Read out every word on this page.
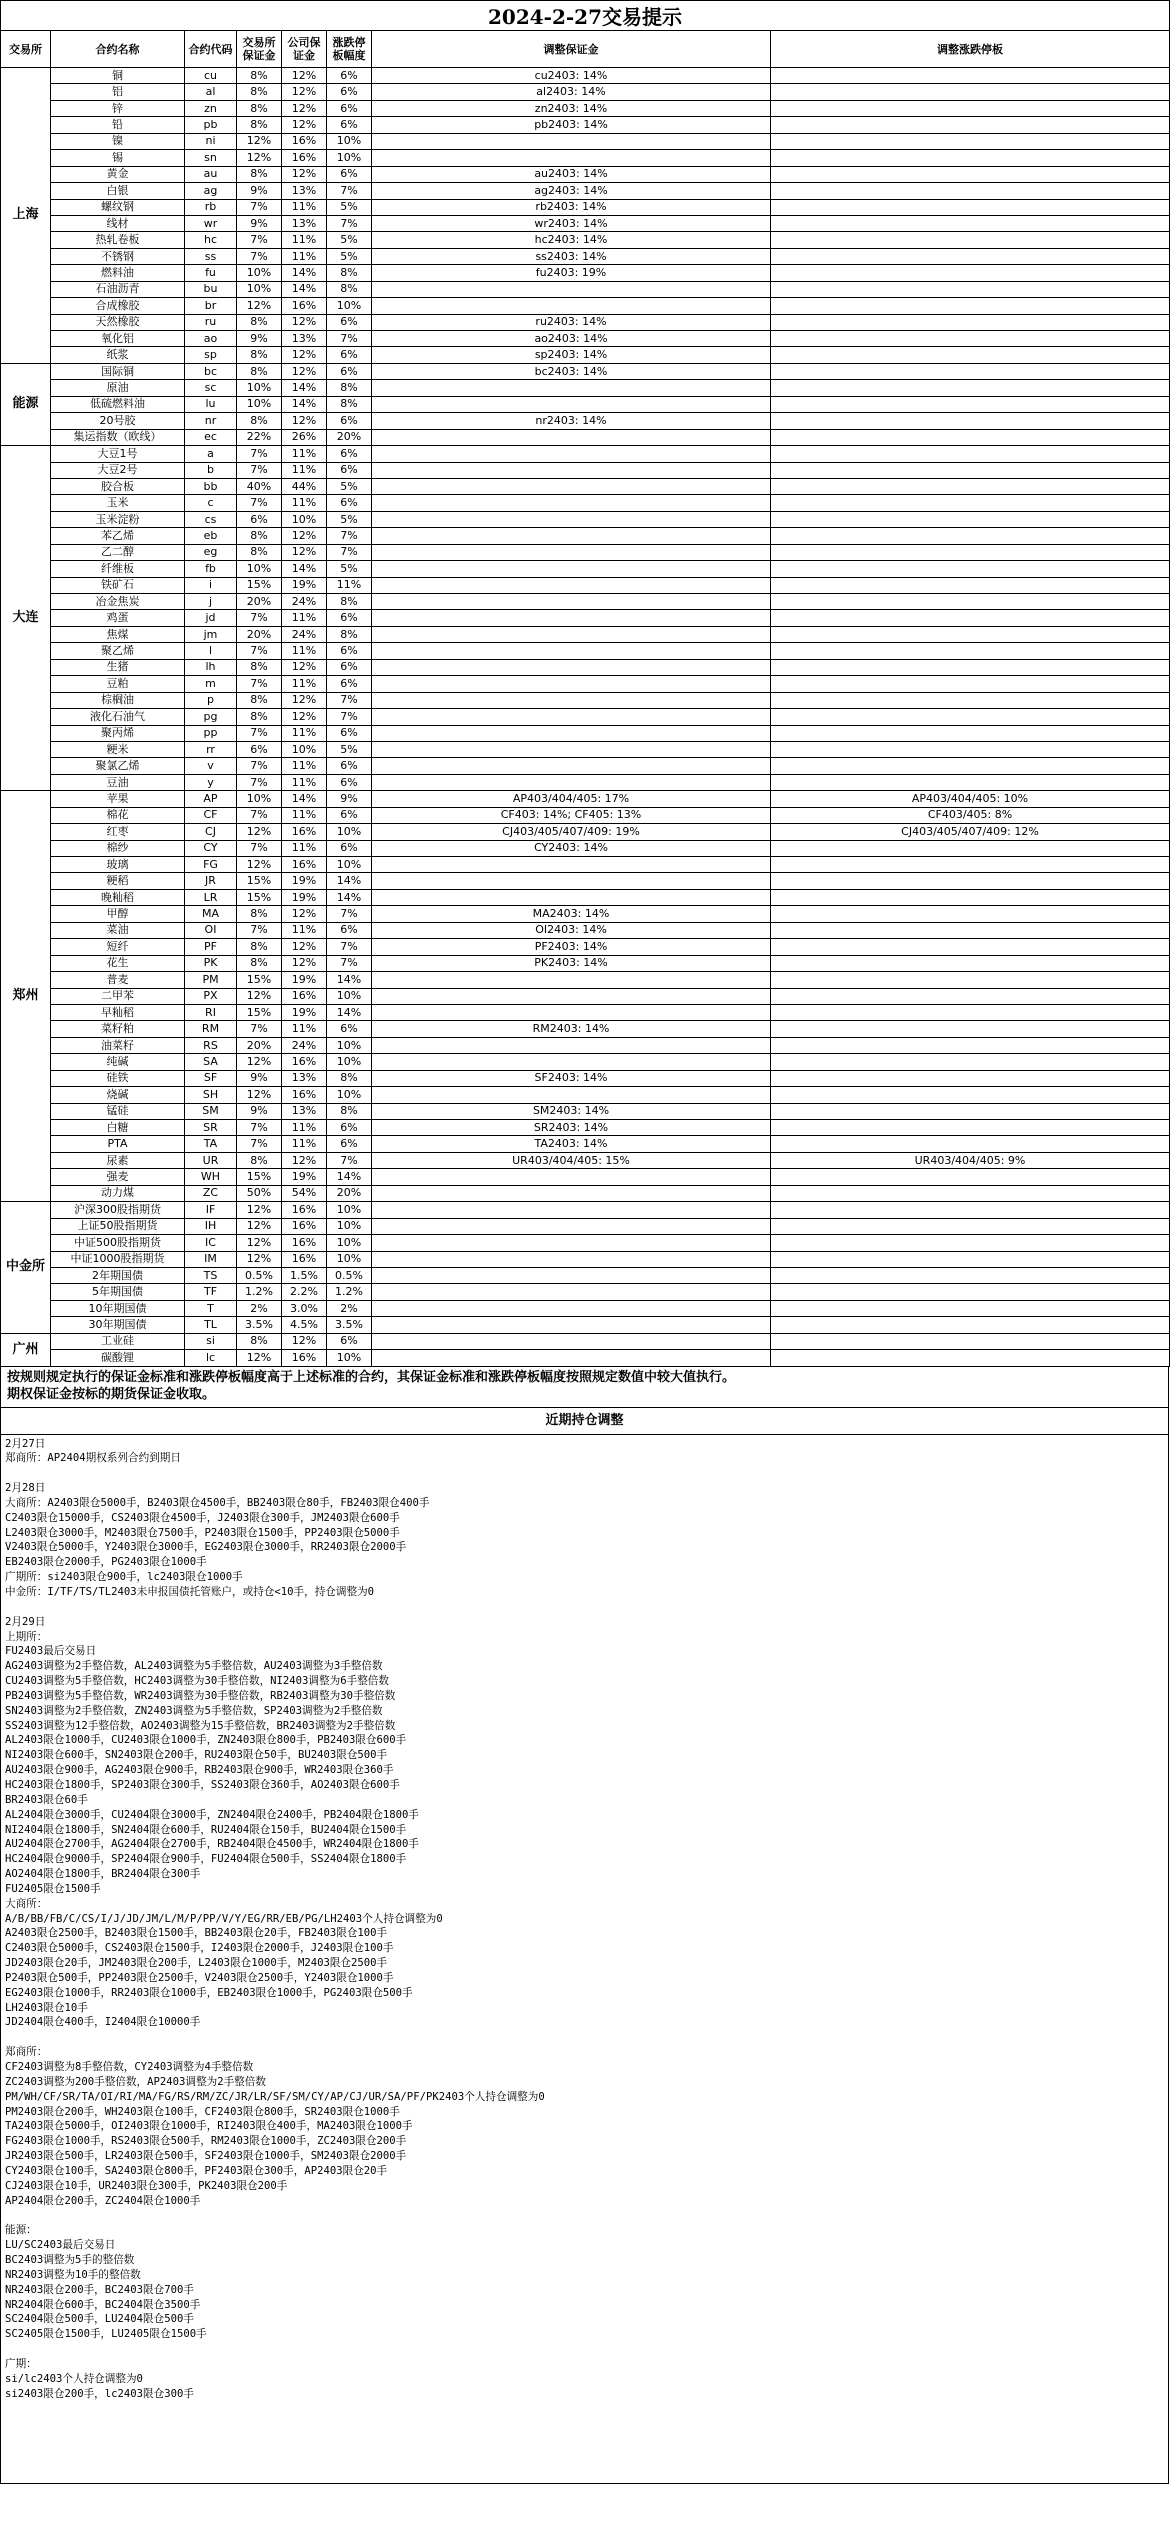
2024-2-27交易提示							
交易所	合约名称	合约代码	交易所保证金	公司保证金	涨跌停板幅度	调整保证金	调整涨跌停板
上海	铜	cu	8%	12%	6%	cu2403: 14%	
	铝	al	8%	12%	6%	al2403: 14%	
	锌	zn	8%	12%	6%	zn2403: 14%	
	铅	pb	8%	12%	6%	pb2403: 14%	
	镍	ni	12%	16%	10%		
	锡	sn	12%	16%	10%		
	黄金	au	8%	12%	6%	au2403: 14%	
	白银	ag	9%	13%	7%	ag2403: 14%	
	螺纹钢	rb	7%	11%	5%	rb2403: 14%	
	线材	wr	9%	13%	7%	wr2403: 14%	
	热轧卷板	hc	7%	11%	5%	hc2403: 14%	
	不锈钢	ss	7%	11%	5%	ss2403: 14%	
	燃料油	fu	10%	14%	8%	fu2403: 19%	
	石油沥青	bu	10%	14%	8%		
	合成橡胶	br	12%	16%	10%		
	天然橡胶	ru	8%	12%	6%	ru2403: 14%	
	氧化铝	ao	9%	13%	7%	ao2403: 14%	
	纸浆	sp	8%	12%	6%	sp2403: 14%	
能源	国际铜	bc	8%	12%	6%	bc2403: 14%	
	原油	sc	10%	14%	8%		
	低硫燃料油	lu	10%	14%	8%		
	20号胶	nr	8%	12%	6%	nr2403: 14%	
	集运指数（欧线）	ec	22%	26%	20%		
大连	大豆1号	a	7%	11%	6%		
	大豆2号	b	7%	11%	6%		
	胶合板	bb	40%	44%	5%		
	玉米	c	7%	11%	6%		
	玉米淀粉	cs	6%	10%	5%		
	苯乙烯	eb	8%	12%	7%		
	乙二醇	eg	8%	12%	7%		
	纤维板	fb	10%	14%	5%		
	铁矿石	i	15%	19%	11%		
	冶金焦炭	j	20%	24%	8%		
	鸡蛋	jd	7%	11%	6%		
	焦煤	jm	20%	24%	8%		
	聚乙烯	l	7%	11%	6%		
	生猪	lh	8%	12%	6%		
	豆粕	m	7%	11%	6%		
	棕榈油	p	8%	12%	7%		
	液化石油气	pg	8%	12%	7%		
	聚丙烯	pp	7%	11%	6%		
	粳米	rr	6%	10%	5%		
	聚氯乙烯	v	7%	11%	6%		
	豆油	y	7%	11%	6%		
郑州	苹果	AP	10%	14%	9%	AP403/404/405: 17%	AP403/404/405: 10%
	棉花	CF	7%	11%	6%	CF403: 14%; CF405: 13%	CF403/405: 8%
	红枣	CJ	12%	16%	10%	CJ403/405/407/409: 19%	CJ403/405/407/409: 12%
	棉纱	CY	7%	11%	6%	CY2403: 14%	
	玻璃	FG	12%	16%	10%		
	粳稻	JR	15%	19%	14%		
	晚籼稻	LR	15%	19%	14%		
	甲醇	MA	8%	12%	7%	MA2403: 14%	
	菜油	OI	7%	11%	6%	OI2403: 14%	
	短纤	PF	8%	12%	7%	PF2403: 14%	
	花生	PK	8%	12%	7%	PK2403: 14%	
	普麦	PM	15%	19%	14%		
	二甲苯	PX	12%	16%	10%		
	早籼稻	RI	15%	19%	14%		
	菜籽粕	RM	7%	11%	6%	RM2403: 14%	
	油菜籽	RS	20%	24%	10%		
	纯碱	SA	12%	16%	10%		
	硅铁	SF	9%	13%	8%	SF2403: 14%	
	烧碱	SH	12%	16%	10%		
	锰硅	SM	9%	13%	8%	SM2403: 14%	
	白糖	SR	7%	11%	6%	SR2403: 14%	
	PTA	TA	7%	11%	6%	TA2403: 14%	
	尿素	UR	8%	12%	7%	UR403/404/405: 15%	UR403/404/405: 9%
	强麦	WH	15%	19%	14%		
	动力煤	ZC	50%	54%	20%		
中金所	沪深300股指期货	IF	12%	16%	10%		
	上证50股指期货	IH	12%	16%	10%		
	中证500股指期货	IC	12%	16%	10%		
	中证1000股指期货	IM	12%	16%	10%		
	2年期国债	TS	0.5%	1.5%	0.5%		
	5年期国债	TF	1.2%	2.2%	1.2%		
	10年期国债	T	2%	3.0%	2%		
	30年期国债	TL	3.5%	4.5%	3.5%		
广州	工业硅	si	8%	12%	6%		
	碳酸锂	lc	12%	16%	10%		
按规则规定执行的保证金标准和涨跌停板幅度高于上述标准的合约，其保证金标准和涨跌停板幅度按照规定数值中较大值执行。
期权保证金按标的期货保证金收取。
近期持仓调整
2月27日
郑商所：AP2404期权系列合约到期日
2月28日
大商所：A2403限仓5000手，B2403限仓4500手，BB2403限仓80手，FB2403限仓400手
C2403限仓15000手，CS2403限仓4500手，J2403限仓300手，JM2403限仓600手
L2403限仓3000手，M2403限仓7500手，P2403限仓1500手，PP2403限仓5000手
V2403限仓5000手，Y2403限仓3000手，EG2403限仓3000手，RR2403限仓2000手
EB2403限仓2000手，PG2403限仓1000手
广期所：si2403限仓900手，lc2403限仓1000手
中金所：I/TF/TS/TL2403未申报国债托管账户，或持仓<10手，持仓调整为0
2月29日
上期所：
FU2403最后交易日
AG2403调整为2手整倍数，AL2403调整为5手整倍数，AU2403调整为3手整倍数
CU2403调整为5手整倍数，HC2403调整为30手整倍数，NI2403调整为6手整倍数
PB2403调整为5手整倍数，WR2403调整为30手整倍数，RB2403调整为30手整倍数
SN2403调整为2手整倍数，ZN2403调整为5手整倍数，SP2403调整为2手整倍数
SS2403调整为12手整倍数，AO2403调整为15手整倍数，BR2403调整为2手整倍数
AL2403限仓1000手，CU2403限仓1000手，ZN2403限仓800手，PB2403限仓600手
NI2403限仓600手，SN2403限仓200手，RU2403限仓50手，BU2403限仓500手
AU2403限仓900手，AG2403限仓900手，RB2403限仓900手，WR2403限仓360手
HC2403限仓1800手，SP2403限仓300手，SS2403限仓360手，AO2403限仓600手
BR2403限仓60手
AL2404限仓3000手，CU2404限仓3000手，ZN2404限仓2400手，PB2404限仓1800手
NI2404限仓1800手，SN2404限仓600手，RU2404限仓150手，BU2404限仓1500手
AU2404限仓2700手，AG2404限仓2700手，RB2404限仓4500手，WR2404限仓1800手
HC2404限仓9000手，SP2404限仓900手，FU2404限仓500手，SS2404限仓1800手
AO2404限仓1800手，BR2404限仓300手
FU2405限仓1500手
大商所：
A/B/BB/FB/C/CS/I/J/JD/JM/L/M/P/PP/V/Y/EG/RR/EB/PG/LH2403个人持仓调整为0
A2403限仓2500手，B2403限仓1500手，BB2403限仓20手，FB2403限仓100手
C2403限仓5000手，CS2403限仓1500手，I2403限仓2000手，J2403限仓100手
JD2403限仓20手，JM2403限仓200手，L2403限仓1000手，M2403限仓2500手
P2403限仓500手，PP2403限仓2500手，V2403限仓2500手，Y2403限仓1000手
EG2403限仓1000手，RR2403限仓1000手，EB2403限仓1000手，PG2403限仓500手
LH2403限仓10手
JD2404限仓400手，I2404限仓10000手
郑商所：
CF2403调整为8手整倍数，CY2403调整为4手整倍数
ZC2403调整为200手整倍数，AP2403调整为2手整倍数
PM/WH/CF/SR/TA/OI/RI/MA/FG/RS/RM/ZC/JR/LR/SF/SM/CY/AP/CJ/UR/SA/PF/PK2403个人持仓调整为0
PM2403限仓200手，WH2403限仓100手，CF2403限仓800手，SR2403限仓1000手
TA2403限仓5000手，OI2403限仓1000手，RI2403限仓400手，MA2403限仓1000手
FG2403限仓1000手，RS2403限仓500手，RM2403限仓1000手，ZC2403限仓200手
JR2403限仓500手，LR2403限仓500手，SF2403限仓1000手，SM2403限仓2000手
CY2403限仓100手，SA2403限仓800手，PF2403限仓300手，AP2403限仓20手
CJ2403限仓10手，UR2403限仓300手，PK2403限仓200手
AP2404限仓200手，ZC2404限仓1000手
能源：
LU/SC2403最后交易日
BC2403调整为5手的整倍数
NR2403调整为10手的整倍数
NR2403限仓200手，BC2403限仓700手
NR2404限仓600手，BC2404限仓3500手
SC2404限仓500手，LU2404限仓500手
SC2405限仓1500手，LU2405限仓1500手
广期：
si/lc2403个人持仓调整为0
si2403限仓200手，lc2403限仓300手
